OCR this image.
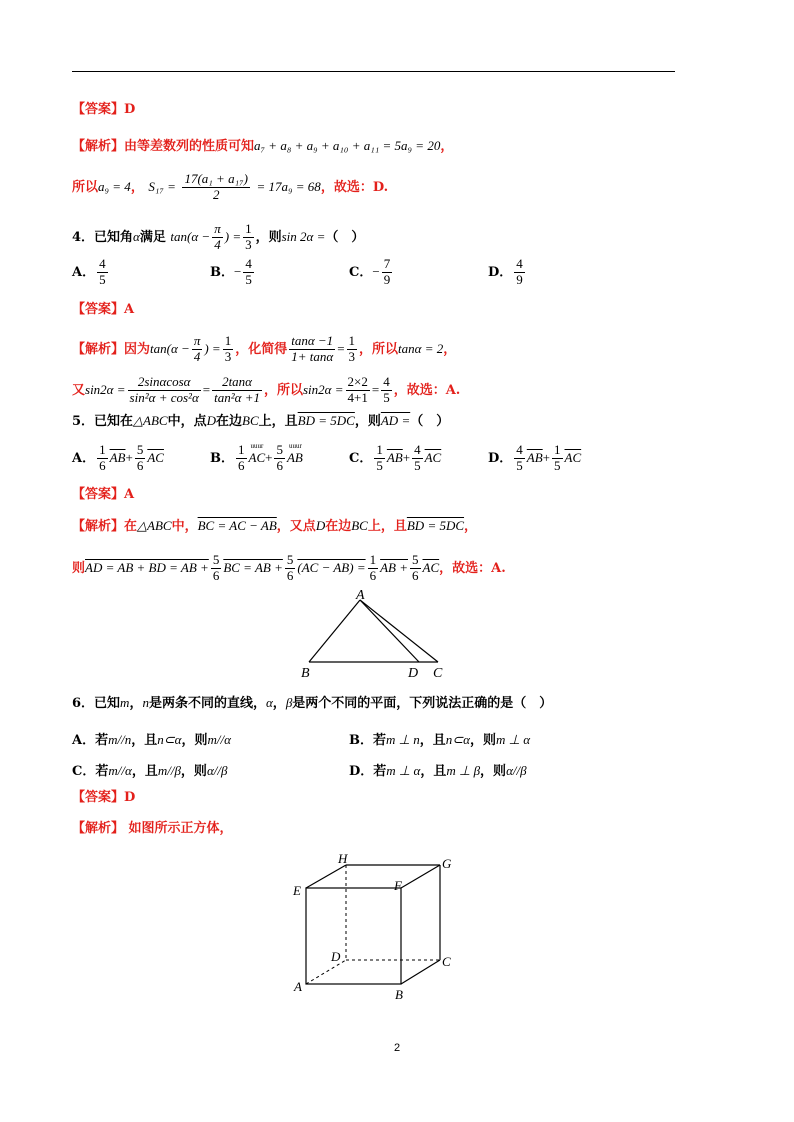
【答案】D
【解析】由等差数列的性质可知a₇ + a₈ + a₉ + a₁₀ + a₁₁ = 5a₉ = 20，
所以a₉ = 4， $S_{17} = \frac{\text{17(a₁ + a₁₇)}}{2} = 17a_9 = 68$，故选：D.
4．已知角α满足 $\tan(\alpha - \frac{\pi}{4}$ ) = $\frac{1}{3}$ ，则sin 2α =（　）
A． $\frac{4}{5}$	B．− $\frac{4}{5}$	C．− $\frac{7}{9}$	D． $\frac{4}{9}$
【答案】A
【解析】因为$\tan(\alpha - \frac{\pi}{4}$ ) = $\frac{1}{3}$ ，化简得 $\frac{\tan\alpha -1}{1+ \tan\alpha} = \frac{1}{3}$ ，所以tanα = 2，
又$\sin 2\alpha = \frac{2\sin\alpha\cos\alpha}{\text{sin²α + cos²α}} = \frac{2\tan\alpha}{\text{tan²α +1}}$ ，所以$\sin 2\alpha = \frac{2\times 2}{4+1} = \frac{4}{5}$ ，故选：A.
5．已知在△ABC中，点D在边BC上，且BD = 5DC，则AD =（　）
A． $\frac{1}{6} \overline{AB}+ \frac{5}{6} \overline{AC}$	B． $\frac{1}{6}$ uuur
$AC+ \frac{5}{6}$ uuur
AB	C． $\frac{1}{5} \overline{AB}+ \frac{4}{5} \overline{AC}$	D． $\frac{4}{5} \overline{AB}+ \frac{1}{5} \overline{AC}$
【答案】A
【解析】在△ABC中，BC = AC − AB，又点D在边BC上，且BD = 5DC，
则AD = AB + BD = AB + $\frac{5}{6}$ BC = AB + $\frac{5}{6} (AC - AB) = \frac{1}{6}$ AB + $\frac{5}{6} \overline{AC}$，故选：A.
A
B	D C
6．已知m，n是两条不同的直线，α，β是两个不同的平面，下列说法正确的是（　）
A．若m//n，且n⊂α，则m//α	B．若m ⊥ n，且n⊂α，则m ⊥ α
C．若m//α，且m//β，则α//β	D．若m ⊥ α，且m ⊥ β，则α//β
【答案】D
【解析】 如图所示正方体，
H	G
E	F
D	C
A
B
2
